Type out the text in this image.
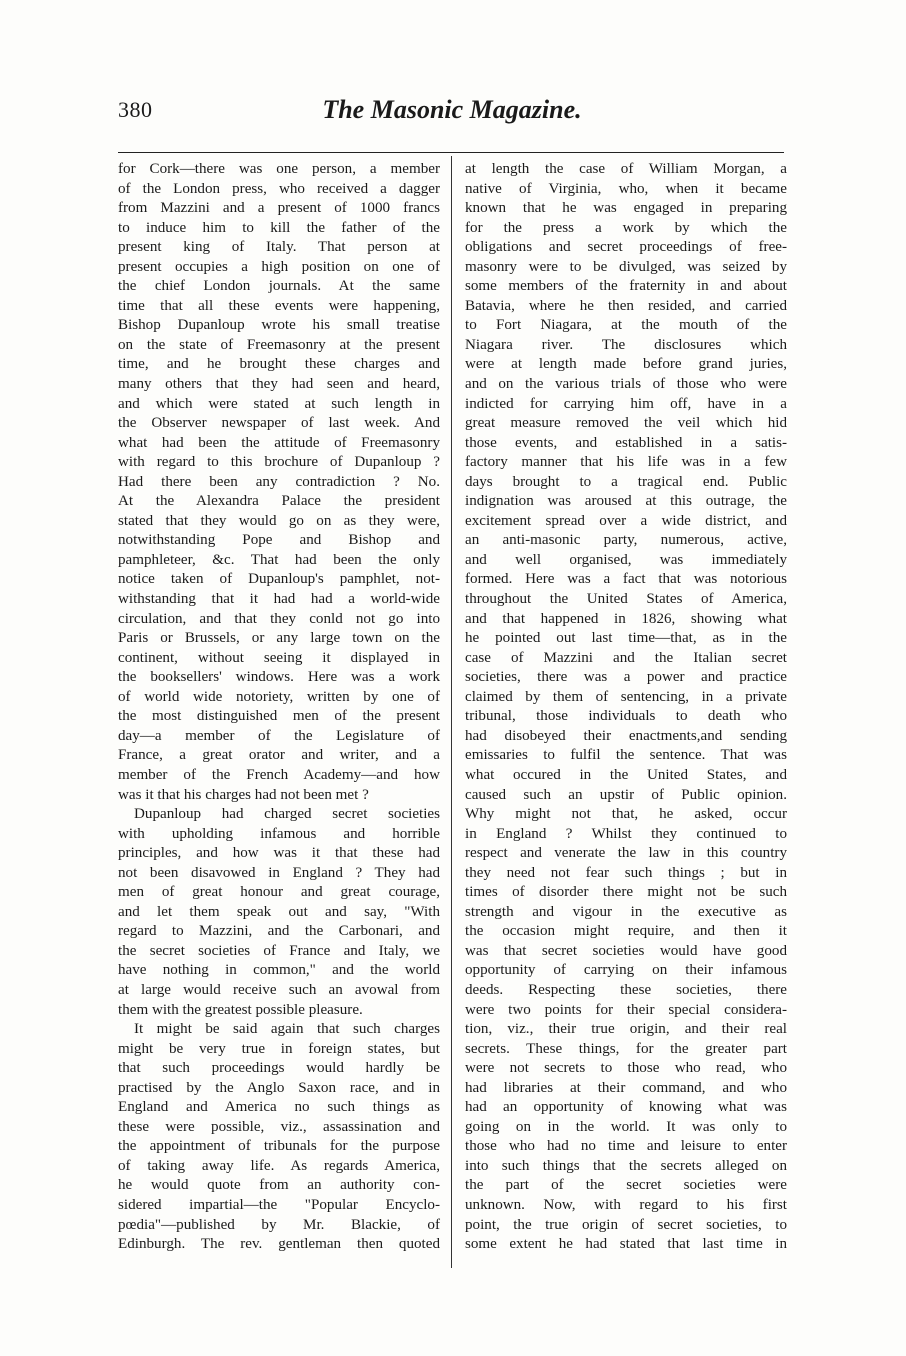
380	The Masonic Magazine.
for Cork—there was one person, a member
of the London press, who received a dagger
from Mazzini and a present of 1000 francs
to induce him to kill the father of the
present king of Italy. That person at
present occupies a high position on one of
the chief London journals. At the same
time that all these events were happening,
Bishop Dupanloup wrote his small treatise
on the state of Freemasonry at the present
time, and he brought these charges and
many others that they had seen and heard,
and which were stated at such length in
the Observer newspaper of last week. And
what had been the attitude of Freemasonry
with regard to this brochure of Dupanloup ?
Had there been any contradiction ? No.
At the Alexandra Palace the president
stated that they would go on as they were,
notwithstanding Pope and Bishop and
pamphleteer, &c. That had been the only
notice taken of Dupanloup's pamphlet, not-
withstanding that it had had a world-wide
circulation, and that they conld not go into
Paris or Brussels, or any large town on the
continent, without seeing it displayed in
the booksellers' windows. Here was a work
of world wide notoriety, written by one of
the most distinguished men of the present
day—a member of the Legislature of
France, a great orator and writer, and a
member of the French Academy—and how
was it that his charges had not been met ?
Dupanloup had charged secret societies
with upholding infamous and horrible
principles, and how was it that these had
not been disavowed in England ? They had
men of great honour and great courage,
and let them speak out and say, "With
regard to Mazzini, and the Carbonari, and
the secret societies of France and Italy, we
have nothing in common," and the world
at large would receive such an avowal from
them with the greatest possible pleasure.
It might be said again that such charges
might be very true in foreign states, but
that such proceedings would hardly be
practised by the Anglo Saxon race, and in
England and America no such things as
these were possible, viz., assassination and
the appointment of tribunals for the purpose
of taking away life. As regards America,
he would quote from an authority con-
sidered impartial—the "Popular Encyclo-
pœdia"—published by Mr. Blackie, of
Edinburgh. The rev. gentleman then quoted
at length the case of William Morgan, a
native of Virginia, who, when it became
known that he was engaged in preparing
for the press a work by which the
obligations and secret proceedings of free-
masonry were to be divulged, was seized by
some members of the fraternity in and about
Batavia, where he then resided, and carried
to Fort Niagara, at the mouth of the
Niagara river. The disclosures which
were at length made before grand juries,
and on the various trials of those who were
indicted for carrying him off, have in a
great measure removed the veil which hid
those events, and established in a satis-
factory manner that his life was in a few
days brought to a tragical end. Public
indignation was aroused at this outrage, the
excitement spread over a wide district, and
an anti-masonic party, numerous, active,
and well organised, was immediately
formed. Here was a fact that was notorious
throughout the United States of America,
and that happened in 1826, showing what
he pointed out last time—that, as in the
case of Mazzini and the Italian secret
societies, there was a power and practice
claimed by them of sentencing, in a private
tribunal, those individuals to death who
had disobeyed their enactments,and sending
emissaries to fulfil the sentence. That was
what occured in the United States, and
caused such an upstir of Public opinion.
Why might not that, he asked, occur
in England ? Whilst they continued to
respect and venerate the law in this country
they need not fear such things ; but in
times of disorder there might not be such
strength and vigour in the executive as
the occasion might require, and then it
was that secret societies would have good
opportunity of carrying on their infamous
deeds. Respecting these societies, there
were two points for their special considera-
tion, viz., their true origin, and their real
secrets. These things, for the greater part
were not secrets to those who read, who
had libraries at their command, and who
had an opportunity of knowing what was
going on in the world. It was only to
those who had no time and leisure to enter
into such things that the secrets alleged on
the part of the secret societies were
unknown. Now, with regard to his first
point, the true origin of secret societies, to
some extent he had stated that last time in
